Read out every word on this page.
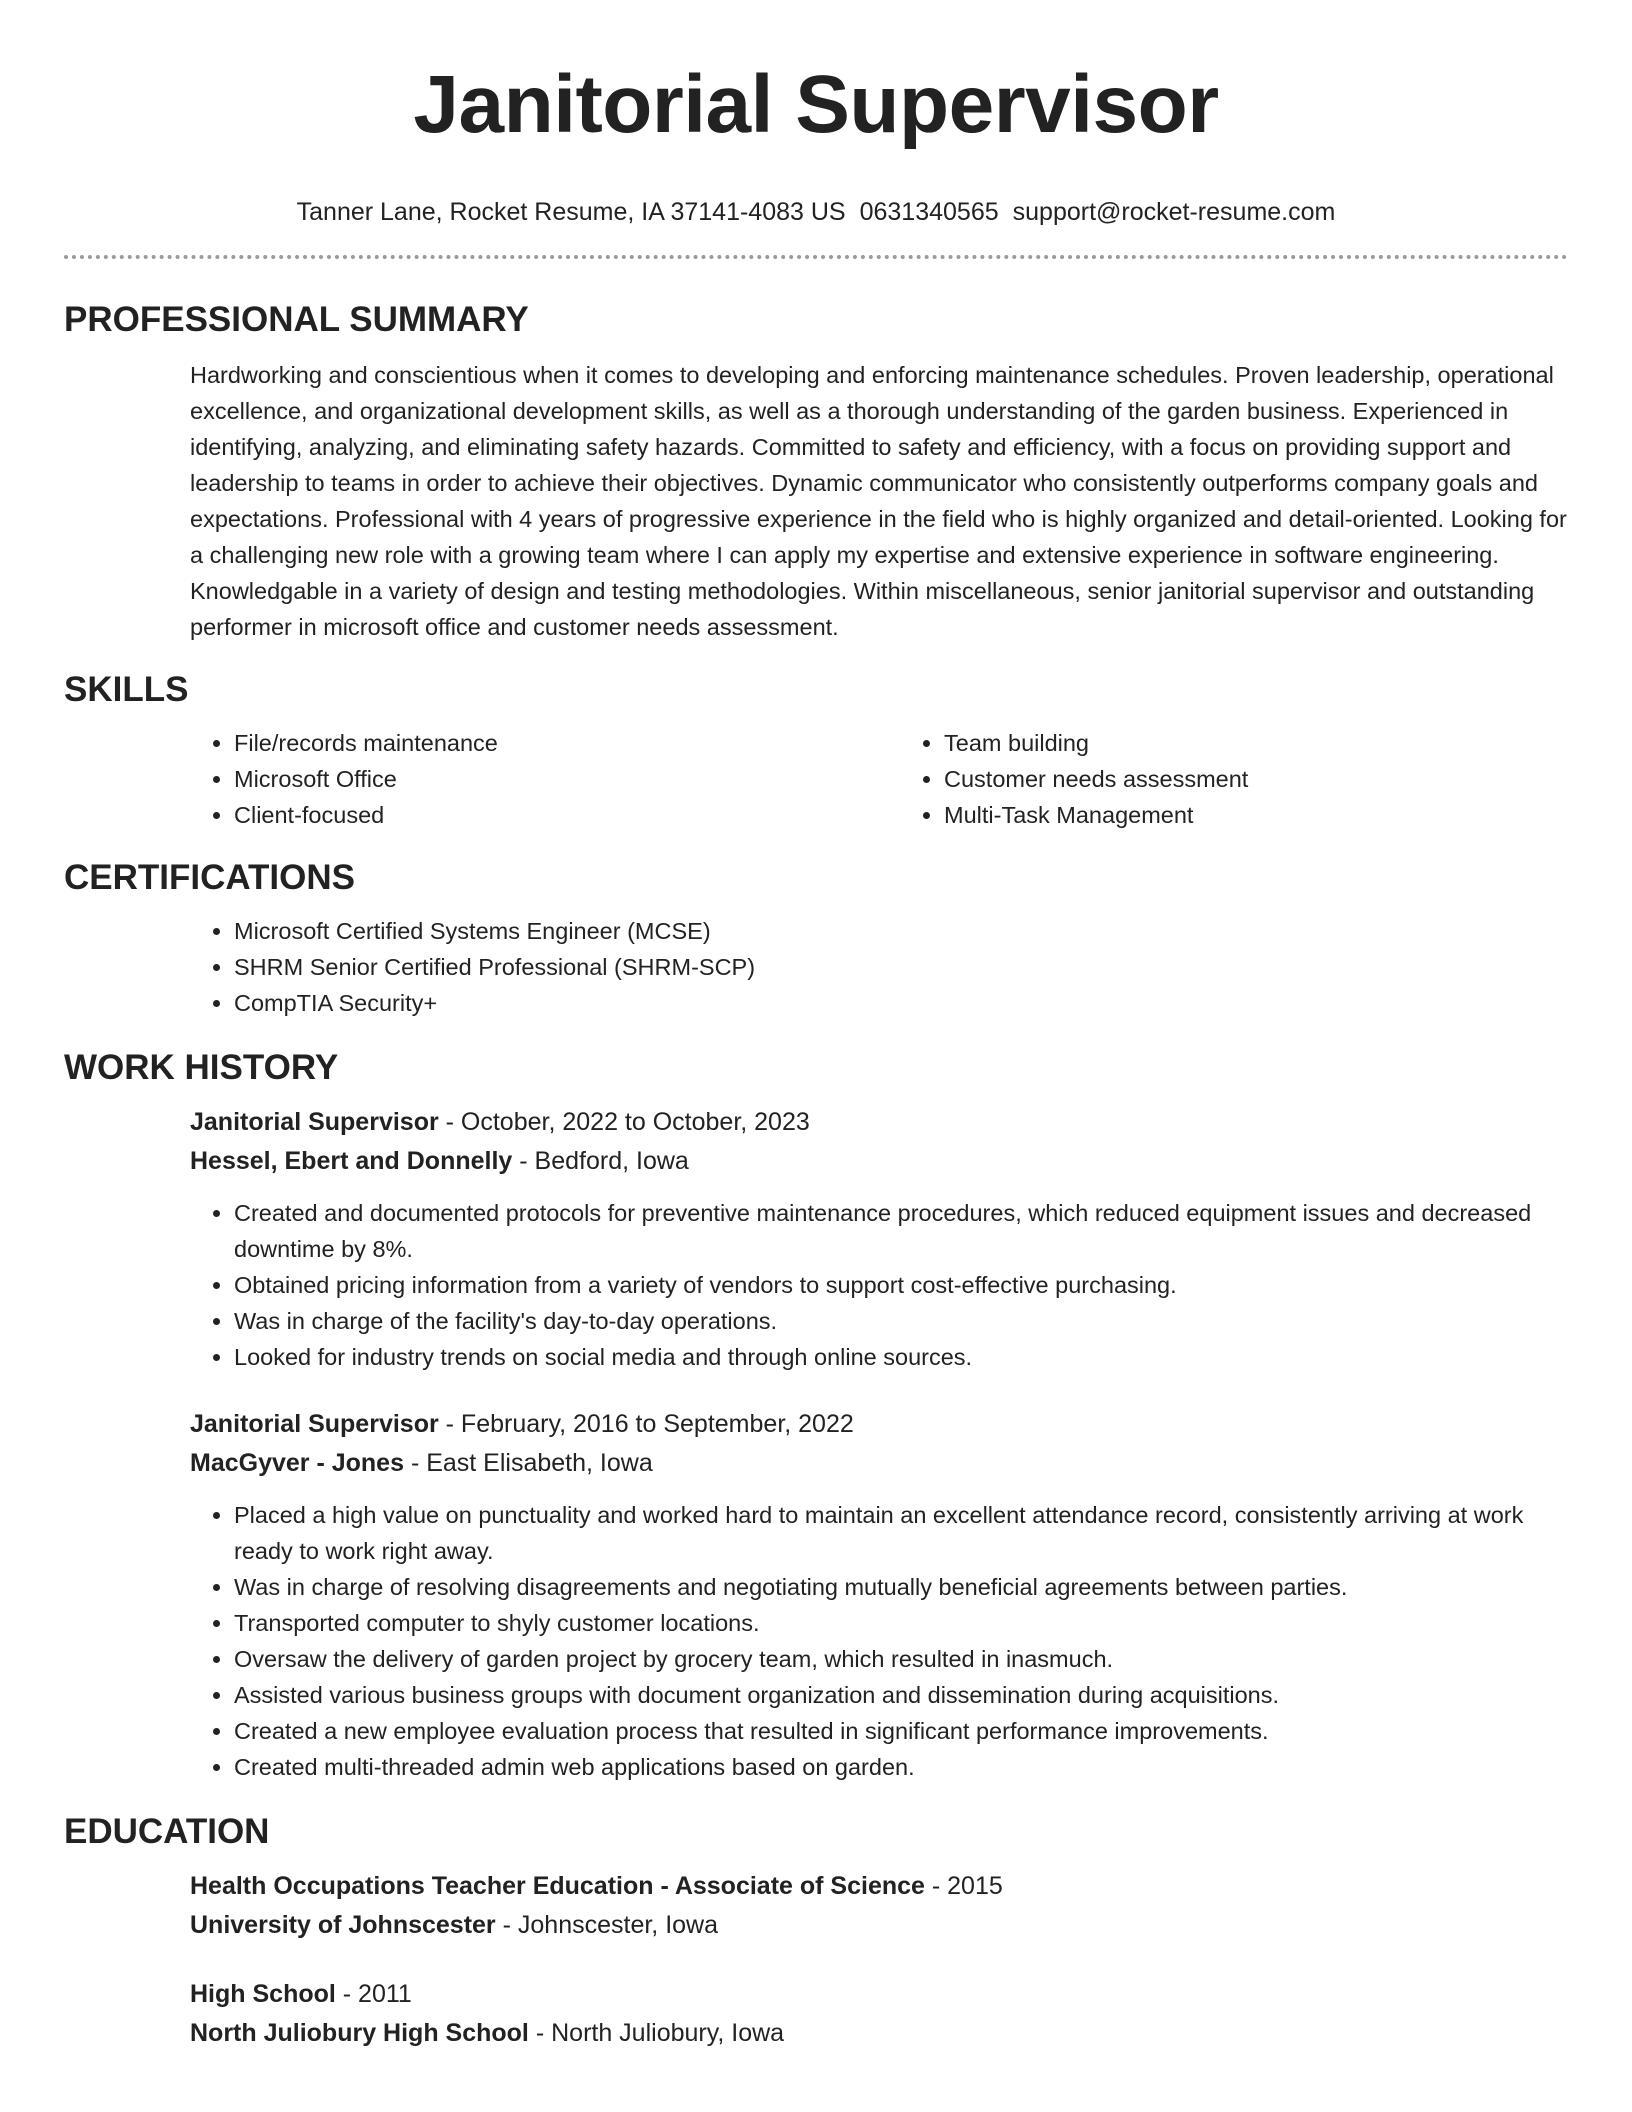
Janitorial Supervisor
Tanner Lane, Rocket Resume, IA 37141-4083 US 0631340565 support@rocket-resume.com
PROFESSIONAL SUMMARY
Hardworking and conscientious when it comes to developing and enforcing maintenance schedules. Proven leadership, operational excellence, and organizational development skills, as well as a thorough understanding of the garden business. Experienced in identifying, analyzing, and eliminating safety hazards. Committed to safety and efficiency, with a focus on providing support and leadership to teams in order to achieve their objectives. Dynamic communicator who consistently outperforms company goals and expectations. Professional with 4 years of progressive experience in the field who is highly organized and detail-oriented. Looking for a challenging new role with a growing team where I can apply my expertise and extensive experience in software engineering. Knowledgable in a variety of design and testing methodologies. Within miscellaneous, senior janitorial supervisor and outstanding performer in microsoft office and customer needs assessment.
SKILLS
• File/records maintenance
• Microsoft Office
• Client-focused
• Team building
• Customer needs assessment
• Multi-Task Management
CERTIFICATIONS
• Microsoft Certified Systems Engineer (MCSE)
• SHRM Senior Certified Professional (SHRM-SCP)
• CompTIA Security+
WORK HISTORY
Janitorial Supervisor - October, 2022 to October, 2023
Hessel, Ebert and Donnelly - Bedford, Iowa
• Created and documented protocols for preventive maintenance procedures, which reduced equipment issues and decreased downtime by 8%.
• Obtained pricing information from a variety of vendors to support cost-effective purchasing.
• Was in charge of the facility's day-to-day operations.
• Looked for industry trends on social media and through online sources.
Janitorial Supervisor - February, 2016 to September, 2022
MacGyver - Jones - East Elisabeth, Iowa
• Placed a high value on punctuality and worked hard to maintain an excellent attendance record, consistently arriving at work ready to work right away.
• Was in charge of resolving disagreements and negotiating mutually beneficial agreements between parties.
• Transported computer to shyly customer locations.
• Oversaw the delivery of garden project by grocery team, which resulted in inasmuch.
• Assisted various business groups with document organization and dissemination during acquisitions.
• Created a new employee evaluation process that resulted in significant performance improvements.
• Created multi-threaded admin web applications based on garden.
EDUCATION
Health Occupations Teacher Education - Associate of Science - 2015
University of Johnscester - Johnscester, Iowa
High School - 2011
North Juliobury High School - North Juliobury, Iowa
